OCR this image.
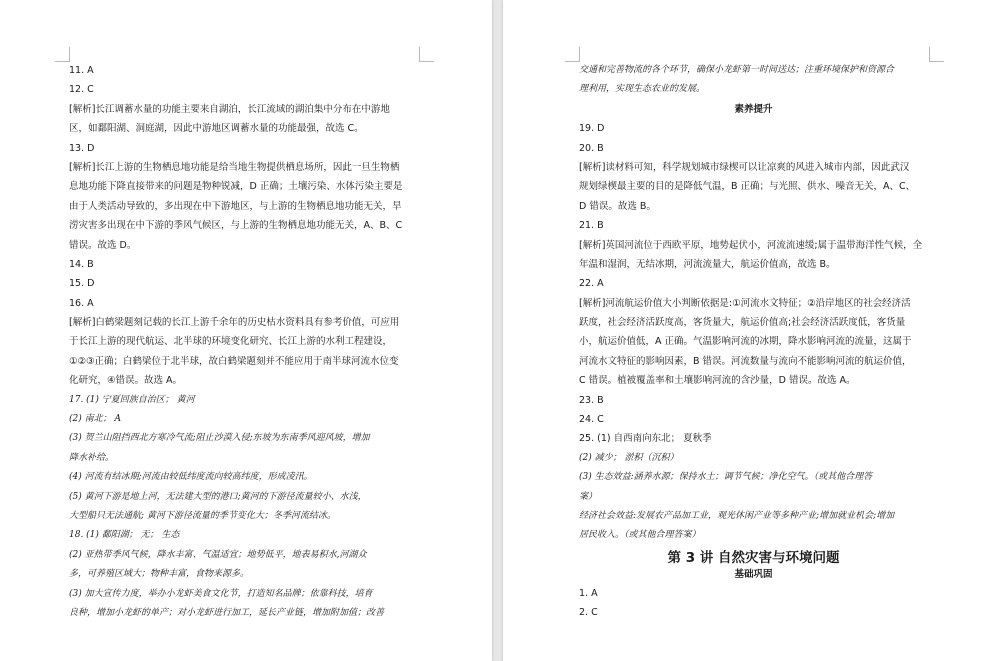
11. A
12. C
[解析]长江调蓄水量的功能主要来自湖泊，长江流域的湖泊集中分布在中游地
区，如鄱阳湖、洞庭湖，因此中游地区调蓄水量的功能最强，故选 C。
13. D
[解析]长江上游的生物栖息地功能是给当地生物提供栖息场所，因此一旦生物栖
息地功能下降直接带来的问题是物种锐减，D 正确；土壤污染、水体污染主要是
由于人类活动导致的，多出现在中下游地区，与上游的生物栖息地功能无关，旱
涝灾害多出现在中下游的季风气候区，与上游的生物栖息地功能无关，A、B、C
错误。故选 D。
14. B
15. D
16. A
[解析]白鹤梁题刻记载的长江上游千余年的历史枯水资料具有参考价值，可应用
于长江上游的现代航运、北半球的环境变化研究、长江上游的水利工程建设，
①②③正确；白鹤梁位于北半球，故白鹤梁题刻并不能应用于南半球河流水位变
化研究，④错误。故选 A。
17. (1) 宁夏回族自治区； 黄河
(2) 南北； A
(3) 贺兰山阻挡西北方寒冷气流;阻止沙漠入侵;东坡为东南季风迎风坡，增加
降水补给。
(4) 河流有结冰期;河流由较低纬度流向较高纬度，形成凌汛。
(5) 黄河下游是地上河，无法建大型的港口;黄河的下游径流量较小、水浅，
大型船只无法通航; 黄河下游径流量的季节变化大；冬季河流结冰。
18. (1) 鄱阳湖； 无； 生态
(2) 亚热带季风气候，降水丰富、气温适宜；地势低平，地表易积水,河湖众
多，可养殖区域大；物种丰富，食物来源多。
(3) 加大宣传力度，举办小龙虾美食文化节，打造知名品牌；依靠科技，培育
良种，增加小龙虾的单产；对小龙虾进行加工，延长产业链，增加附加值；改善
交通和完善物流的各个环节，确保小龙虾第一时间送达；注重环境保护和资源合
理利用，实现生态农业的发展。
素养提升
19. D
20. B
[解析]读材料可知，科学规划城市绿楔可以让凉爽的风进入城市内部，因此武汉
规划绿楔最主要的目的是降低气温，B 正确；与光照、供水、噪音无关，A、C、
D 错误。故选 B。
21. B
[解析]英国河流位于西欧平原，地势起伏小，河流流速缓;属于温带海洋性气候，全
年温和湿润，无结冰期，河流流量大，航运价值高，故选 B。
22. A
[解析]河流航运价值大小判断依据是:①河流水文特征；②沿岸地区的社会经济活
跃度，社会经济活跃度高，客货量大，航运价值高;社会经济活跃度低，客货量
小，航运价值低，A 正确。气温影响河流的冰期，降水影响河流的流量，这属于
河流水文特征的影响因素，B 错误。河流数量与流向不能影响河流的航运价值，
C 错误。植被覆盖率和土壤影响河流的含沙量，D 错误。故选 A。
23. B
24. C
25. (1) 自西南向东北； 夏秋季
(2) 减少； 淤积（沉积）
(3) 生态效益:涵养水源；保持水土；调节气候；净化空气。（或其他合理答
案）
经济社会效益:发展农产品加工业，观光休闲产业等多种产业;增加就业机会;增加
居民收入。（或其他合理答案）
第 3 讲 自然灾害与环境问题
基础巩固
1. A
2. C
